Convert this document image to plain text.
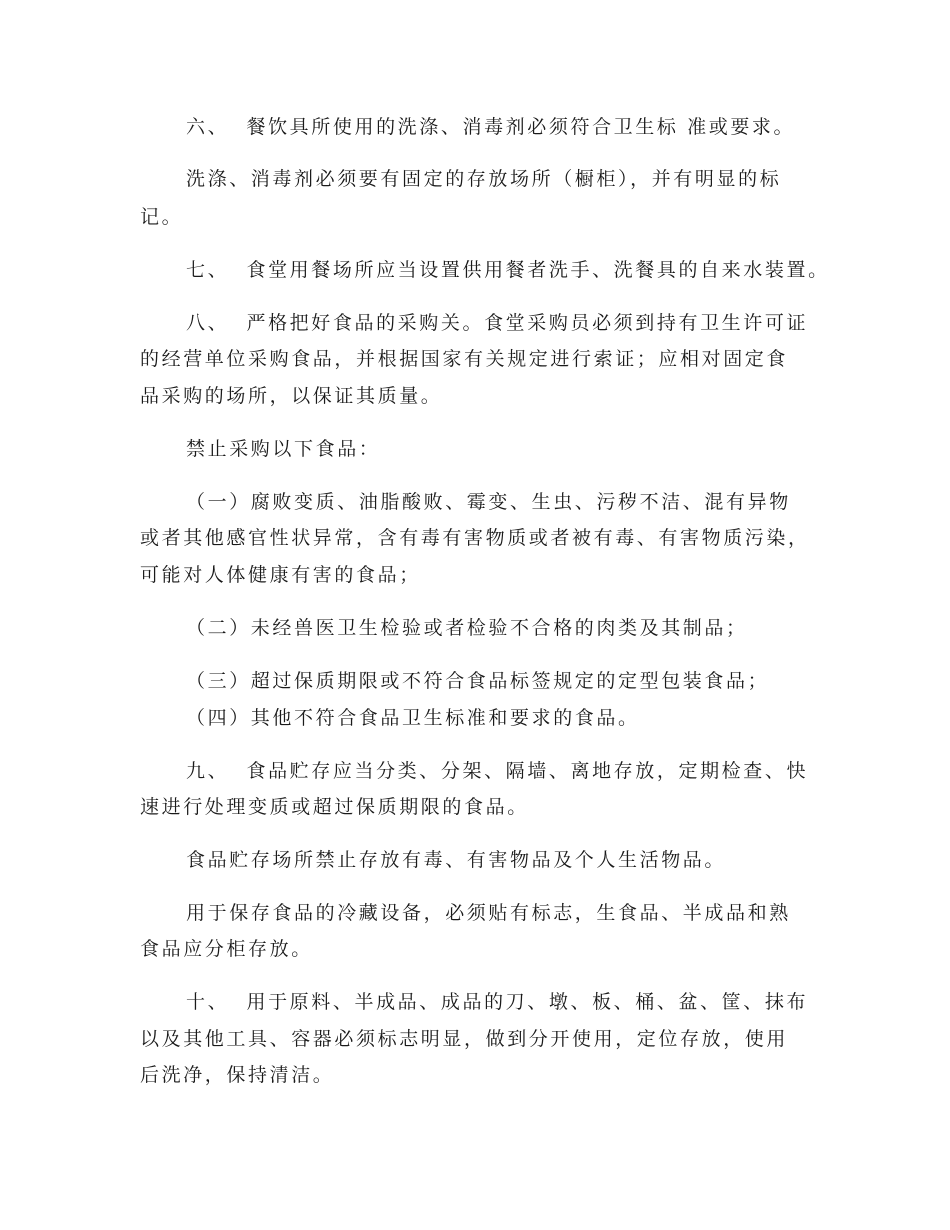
六、  餐饮具所使用的洗涤、消毒剂必须符合卫生标 准或要求。
洗涤、消毒剂必须要有固定的存放场所（橱柜），并有明显的标
记。
七、  食堂用餐场所应当设置供用餐者洗手、洗餐具的自来水装置。
八、  严格把好食品的采购关。食堂采购员必须到持有卫生许可证
的经营单位采购食品，并根据国家有关规定进行索证；应相对固定食
品采购的场所，以保证其质量。
禁止采购以下食品：
（一）腐败变质、油脂酸败、霉变、生虫、污秽不洁、混有异物
或者其他感官性状异常，含有毒有害物质或者被有毒、有害物质污染，
可能对人体健康有害的食品；
（二）未经兽医卫生检验或者检验不合格的肉类及其制品；
（三）超过保质期限或不符合食品标签规定的定型包装食品；
（四）其他不符合食品卫生标准和要求的食品。
九、  食品贮存应当分类、分架、隔墙、离地存放，定期检查、快
速进行处理变质或超过保质期限的食品。
食品贮存场所禁止存放有毒、有害物品及个人生活物品。
用于保存食品的冷藏设备，必须贴有标志，生食品、半成品和熟
食品应分柜存放。
十、  用于原料、半成品、成品的刀、墩、板、桶、盆、筐、抹布
以及其他工具、容器必须标志明显，做到分开使用，定位存放，使用
后洗净，保持清洁。
